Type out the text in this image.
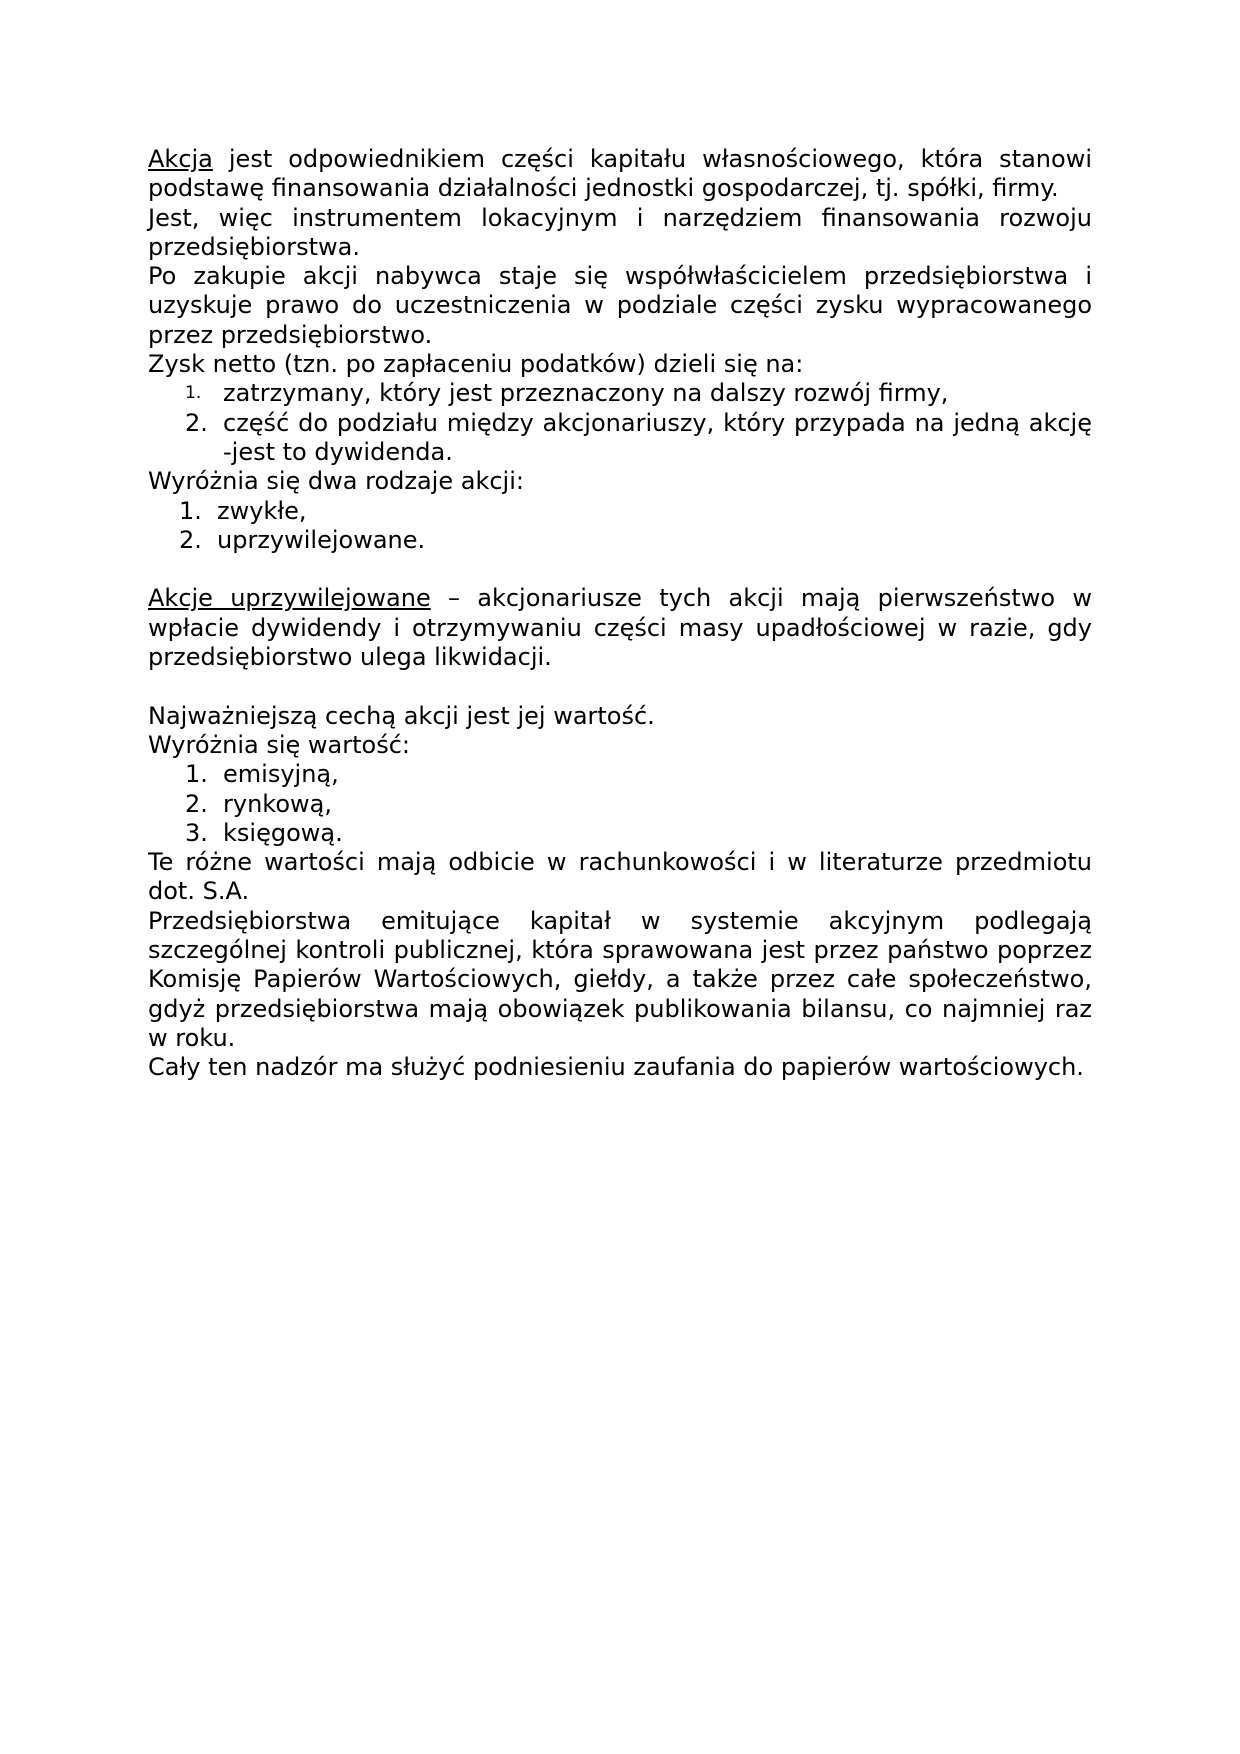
Akcja jest odpowiednikiem części kapitału własnościowego, która stanowi podstawę finansowania działalności jednostki gospodarczej, tj. spółki, firmy.

Jest, więc instrumentem lokacyjnym i narzędziem finansowania rozwoju przedsiębiorstwa.

Po zakupie akcji nabywca staje się współwłaścicielem przedsiębiorstwa i uzyskuje prawo do uczestniczenia w podziale części zysku wypracowanego przez przedsiębiorstwo.

Zysk netto (tzn. po zapłaceniu podatków) dzieli się na:

1. zatrzymany, który jest przeznaczony na dalszy rozwój firmy,
2. część do podziału między akcjonariuszy, który przypada na jedną akcję -jest to dywidenda.

Wyróżnia się dwa rodzaje akcji:

1. zwykłe,
2. uprzywilejowane.

Akcje uprzywilejowane – akcjonariusze tych akcji mają pierwszeństwo w wpłacie dywidendy i otrzymywaniu części masy upadłościowej w razie, gdy przedsiębiorstwo ulega likwidacji.

Najważniejszą cechą akcji jest jej wartość.

Wyróżnia się wartość:

1. emisyjną,
2. rynkową,
3. księgową.

Te różne wartości mają odbicie w rachunkowości i w literaturze przedmiotu dot. S.A.

Przedsiębiorstwa emitujące kapitał w systemie akcyjnym podlegają szczególnej kontroli publicznej, która sprawowana jest przez państwo poprzez Komisję Papierów Wartościowych, giełdy, a także przez całe społeczeństwo, gdyż przedsiębiorstwa mają obowiązek publikowania bilansu, co najmniej raz w roku.

Cały ten nadzór ma służyć podniesieniu zaufania do papierów wartościowych.
